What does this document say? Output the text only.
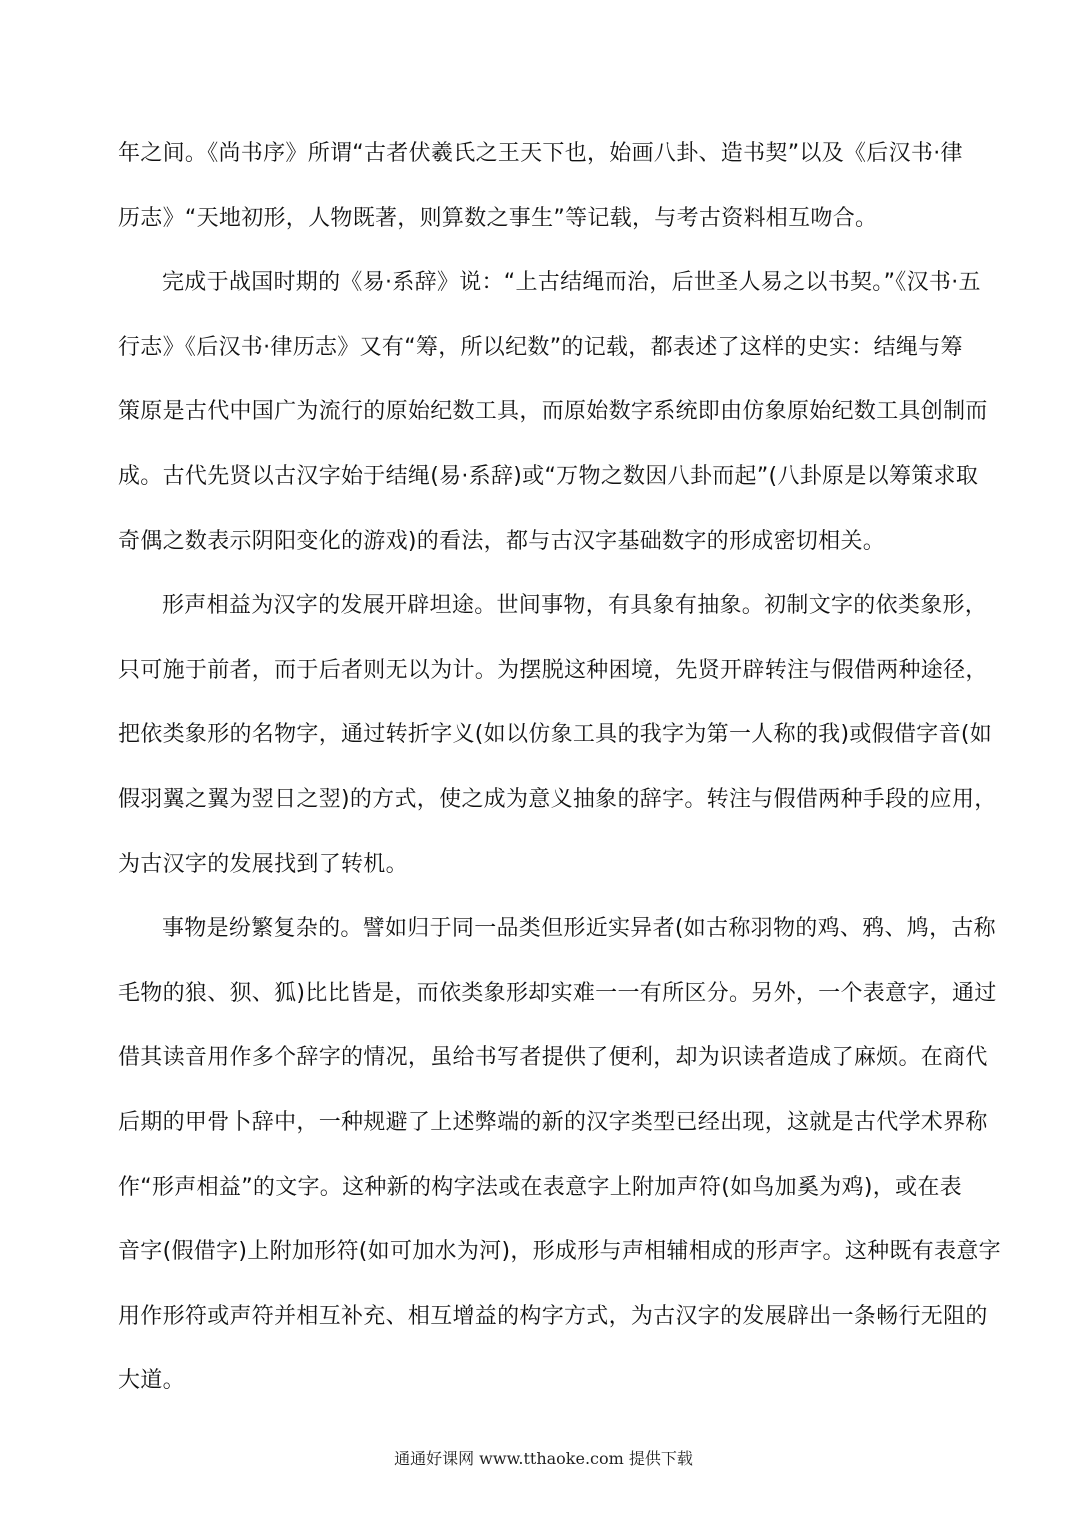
年之间。《尚书序》所谓“古者伏羲氏之王天下也，始画八卦、造书契”以及《后汉书·律
历志》“天地初形，人物既著，则算数之事生”等记载，与考古资料相互吻合。
完成于战国时期的《易·系辞》说：“上古结绳而治，后世圣人易之以书契。”《汉书·五
行志》《后汉书·律历志》又有“筹，所以纪数”的记载，都表述了这样的史实：结绳与筹
策原是古代中国广为流行的原始纪数工具，而原始数字系统即由仿象原始纪数工具创制而
成。古代先贤以古汉字始于结绳(易·系辞)或“万物之数因八卦而起”(八卦原是以筹策求取
奇偶之数表示阴阳变化的游戏)的看法，都与古汉字基础数字的形成密切相关。
形声相益为汉字的发展开辟坦途。世间事物，有具象有抽象。初制文字的依类象形，
只可施于前者，而于后者则无以为计。为摆脱这种困境，先贤开辟转注与假借两种途径，
把依类象形的名物字，通过转折字义(如以仿象工具的我字为第一人称的我)或假借字音(如
假羽翼之翼为翌日之翌)的方式，使之成为意义抽象的辞字。转注与假借两种手段的应用，
为古汉字的发展找到了转机。
事物是纷繁复杂的。譬如归于同一品类但形近实异者(如古称羽物的鸡、鸦、鸠，古称
毛物的狼、狈、狐)比比皆是，而依类象形却实难一一有所区分。另外，一个表意字，通过
借其读音用作多个辞字的情况，虽给书写者提供了便利，却为识读者造成了麻烦。在商代
后期的甲骨卜辞中，一种规避了上述弊端的新的汉字类型已经出现，这就是古代学术界称
作“形声相益”的文字。这种新的构字法或在表意字上附加声符(如鸟加奚为鸡)，或在表
音字(假借字)上附加形符(如可加水为河)，形成形与声相辅相成的形声字。这种既有表意字
用作形符或声符并相互补充、相互增益的构字方式，为古汉字的发展辟出一条畅行无阻的
大道。
通通好课网 www.tthaoke.com 提供下载
